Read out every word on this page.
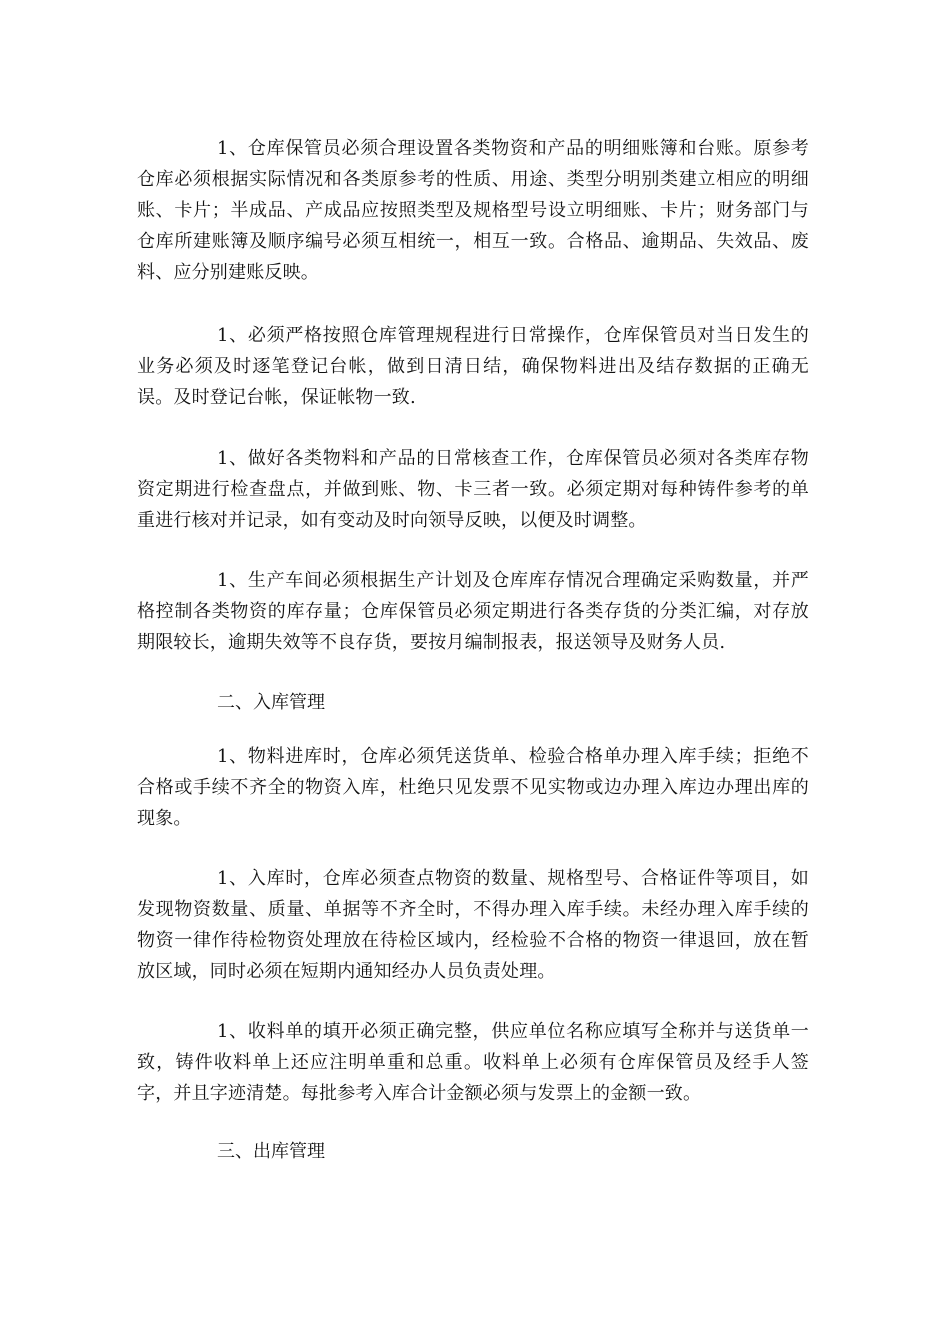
1、仓库保管员必须合理设置各类物资和产品的明细账簿和台账。原参考仓库必须根据实际情况和各类原参考的性质、用途、类型分明别类建立相应的明细账、卡片；半成品、产成品应按照类型及规格型号设立明细账、卡片；财务部门与仓库所建账簿及顺序编号必须互相统一，相互一致。合格品、逾期品、失效品、废料、应分别建账反映。

1、必须严格按照仓库管理规程进行日常操作，仓库保管员对当日发生的业务必须及时逐笔登记台帐，做到日清日结，确保物料进出及结存数据的正确无误。及时登记台帐，保证帐物一致.

1、做好各类物料和产品的日常核查工作，仓库保管员必须对各类库存物资定期进行检查盘点，并做到账、物、卡三者一致。必须定期对每种铸件参考的单重进行核对并记录，如有变动及时向领导反映，以便及时调整。

1、生产车间必须根据生产计划及仓库库存情况合理确定采购数量，并严格控制各类物资的库存量；仓库保管员必须定期进行各类存货的分类汇编，对存放期限较长，逾期失效等不良存货，要按月编制报表，报送领导及财务人员.

二、入库管理

1、物料进库时，仓库必须凭送货单、检验合格单办理入库手续；拒绝不合格或手续不齐全的物资入库，杜绝只见发票不见实物或边办理入库边办理出库的现象。

1、入库时，仓库必须查点物资的数量、规格型号、合格证件等项目，如发现物资数量、质量、单据等不齐全时，不得办理入库手续。未经办理入库手续的物资一律作待检物资处理放在待检区域内，经检验不合格的物资一律退回，放在暂放区域，同时必须在短期内通知经办人员负责处理。

1、收料单的填开必须正确完整，供应单位名称应填写全称并与送货单一致，铸件收料单上还应注明单重和总重。收料单上必须有仓库保管员及经手人签字，并且字迹清楚。每批参考入库合计金额必须与发票上的金额一致。

三、出库管理
